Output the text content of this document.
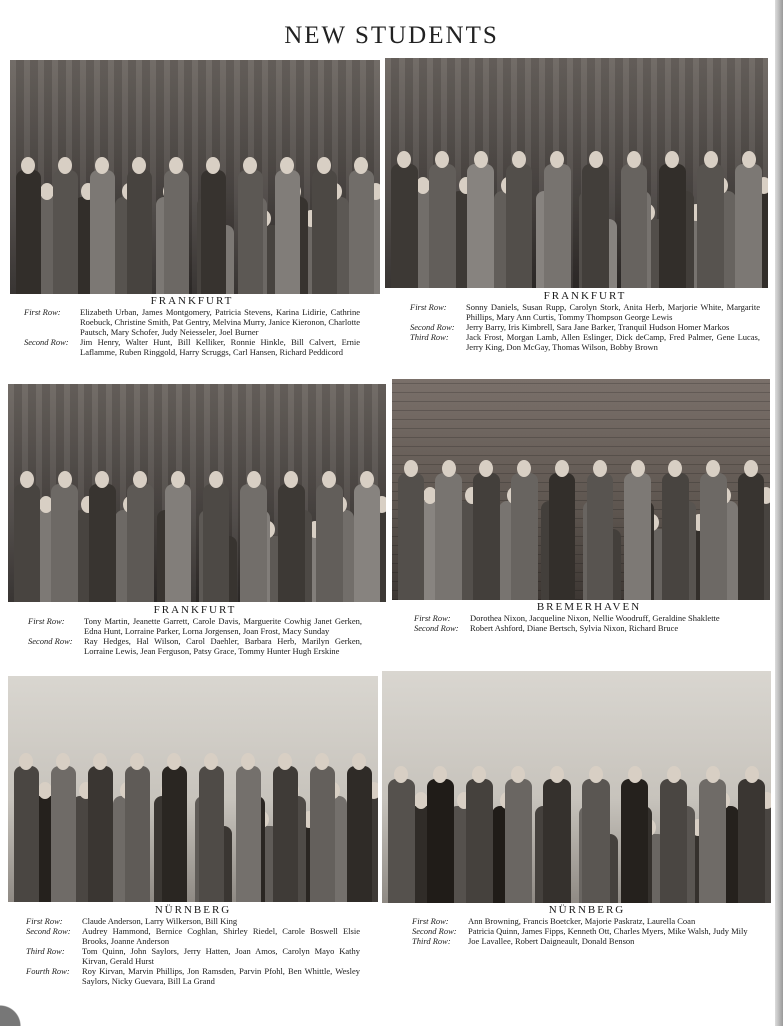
NEW STUDENTS
FRANKFURT
First Row:	Elizabeth Urban, James Montgomery, Patricia Stevens, Karina Lidirie, Cathrine Roebuck, Christine Smith, Pat Gentry, Melvina Murry, Janice Kieronon, Charlotte Pautsch, Mary Schofer, Judy Neiesseler, Joel Burner
Second Row:	Jim Henry, Walter Hunt, Bill Kelliker, Ronnie Hinkle, Bill Calvert, Ernie Laflamme, Ruben Ringgold, Harry Scruggs, Carl Hansen, Richard Peddicord
FRANKFURT
First Row:	Sonny Daniels, Susan Rupp, Carolyn Stork, Anita Herb, Marjorie White, Margarite Phillips, Mary Ann Curtis, Tommy Thompson George Lewis
Second Row:	Jerry Barry, Iris Kimbrell, Sara Jane Barker, Tranquil Hudson Homer Markos
Third Row:	Jack Frost, Morgan Lamb, Allen Eslinger, Dick deCamp, Fred Palmer, Gene Lucas, Jerry King, Don McGay, Thomas Wilson, Bobby Brown
FRANKFURT
First Row:	Tony Martin, Jeanette Garrett, Carole Davis, Marguerite Cowhig Janet Gerken, Edna Hunt, Lorraine Parker, Lorna Jorgensen, Joan Frost, Macy Sunday
Second Row:	Ray Hedges, Hal Wilson, Carol Daehler, Barbara Herb, Marilyn Gerken, Lorraine Lewis, Jean Ferguson, Patsy Grace, Tommy Hunter Hugh Erskine
BREMERHAVEN
First Row:	Dorothea Nixon, Jacqueline Nixon, Nellie Woodruff, Geraldine Shaklette
Second Row:	Robert Ashford, Diane Bertsch, Sylvia Nixon, Richard Bruce
NÜRNBERG
First Row:	Claude Anderson, Larry Wilkerson, Bill King
Second Row:	Audrey Hammond, Bernice Coghlan, Shirley Riedel, Carole Boswell Elsie Brooks, Joanne Anderson
Third Row:	Tom Quinn, John Saylors, Jerry Hatten, Joan Amos, Carolyn Mayo Kathy Kirvan, Gerald Hurst
Fourth Row:	Roy Kirvan, Marvin Phillips, Jon Ramsden, Parvin Pfohl, Ben Whittle, Wesley Saylors, Nicky Guevara, Bill La Grand
NÜRNBERG
First Row:	Ann Browning, Francis Boetcker, Majorie Paskratz, Laurella Coan
Second Row:	Patricia Quinn, James Fipps, Kenneth Ott, Charles Myers, Mike Walsh, Judy Mily
Third Row:	Joe Lavallee, Robert Daigneault, Donald Benson
